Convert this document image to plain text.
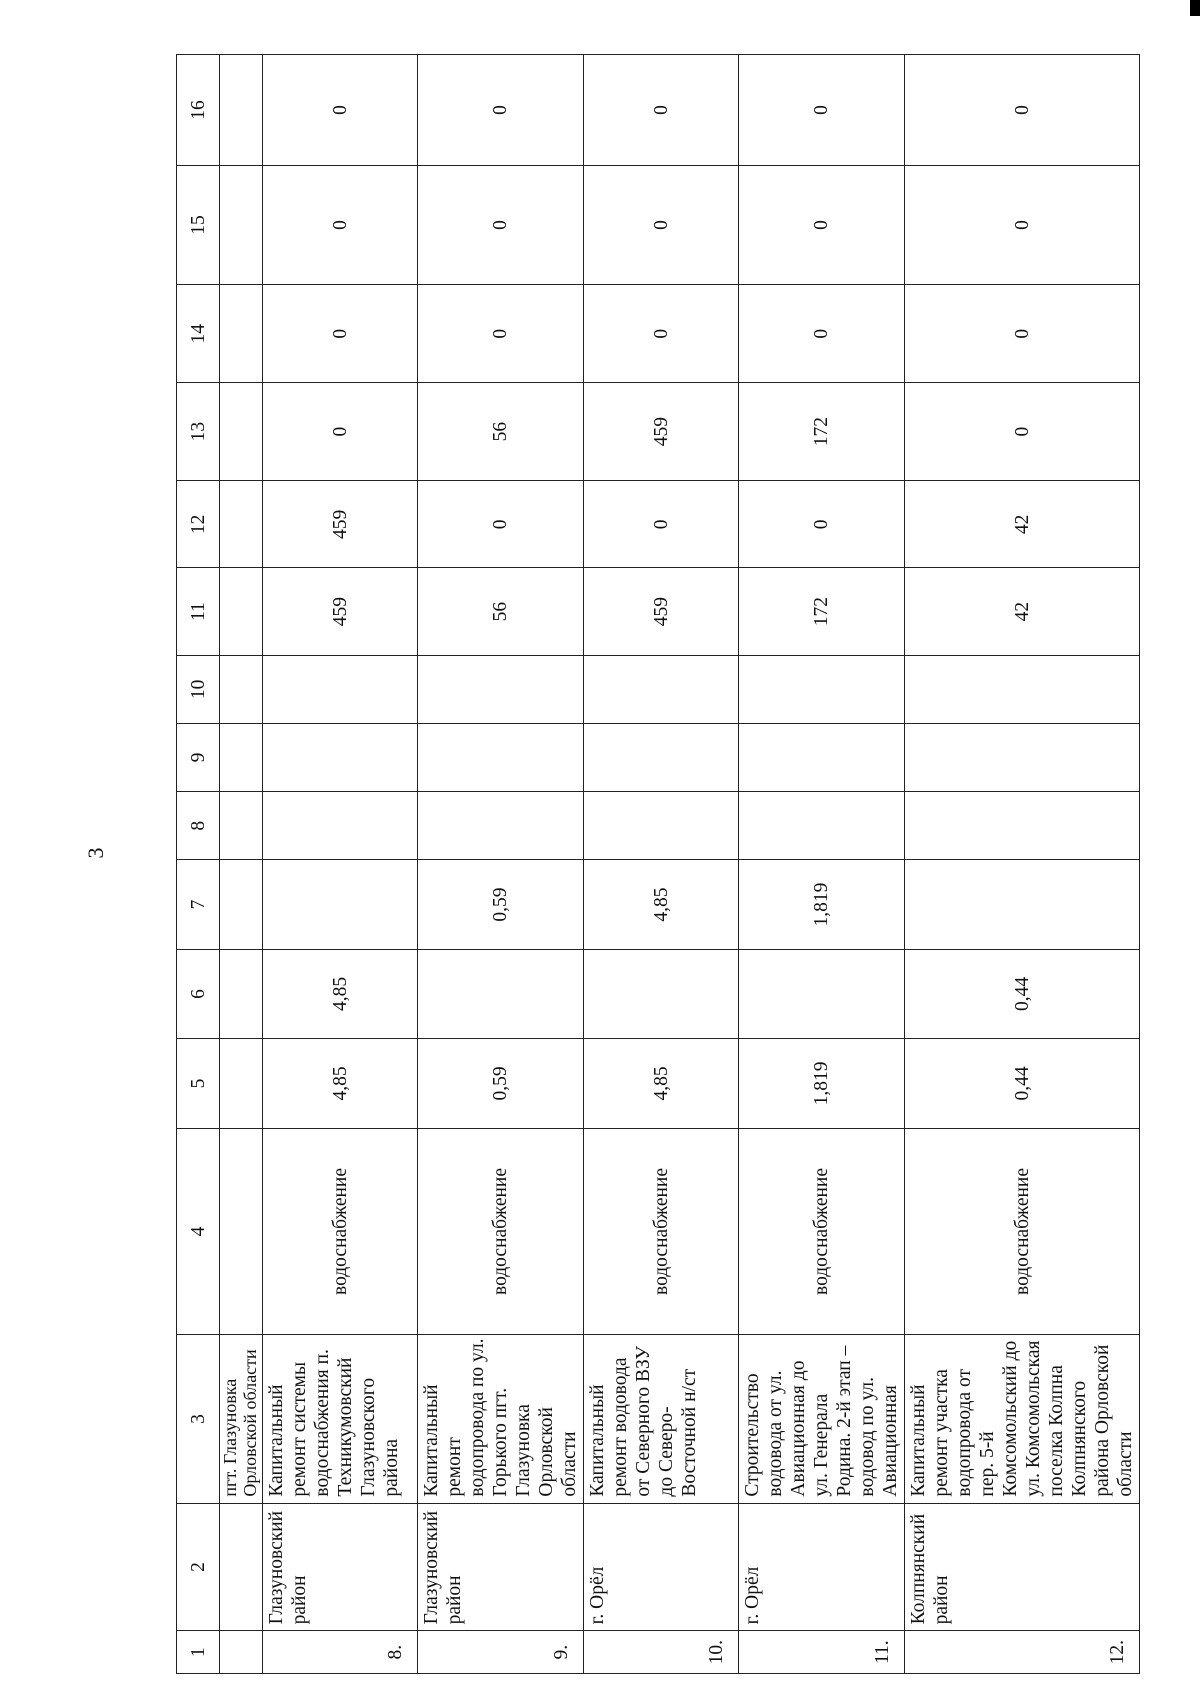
3
1	2	3	4	5	6	7	8	9	10	11	12	13	14	15	16
		пгт. Глазуновка
Орловской области													
8.	Глазуновский район	Капитальный ремонт системы водоснабжения п. Техникумовский Глазуновского района	водоснабжение	4,85	4,85					459	459	0	0	0	0
9.	Глазуновский район	Капитальный ремонт водопровода по ул. Горького пгт. Глазуновка Орловской области	водоснабжение	0,59		0,59				56	0	56	0	0	0
10.	г. Орёл	Капитальный ремонт водовода от Северного ВЗУ до Северо-Восточной н/ст	водоснабжение	4,85		4,85				459	0	459	0	0	0
11.	г. Орёл	Строительство водовода от ул. Авиационная до ул. Генерала Родина. 2-й этап – водовод по ул. Авиационная	водоснабжение	1,819		1,819				172	0	172	0	0	0
12.	Колпнянский район	Капитальный ремонт участка водопровода от пер. 5-й Комсомольский до ул. Комсомольская поселка Колпна Колпнянского района Орловской области	водоснабжение	0,44	0,44					42	42	0	0	0	0
